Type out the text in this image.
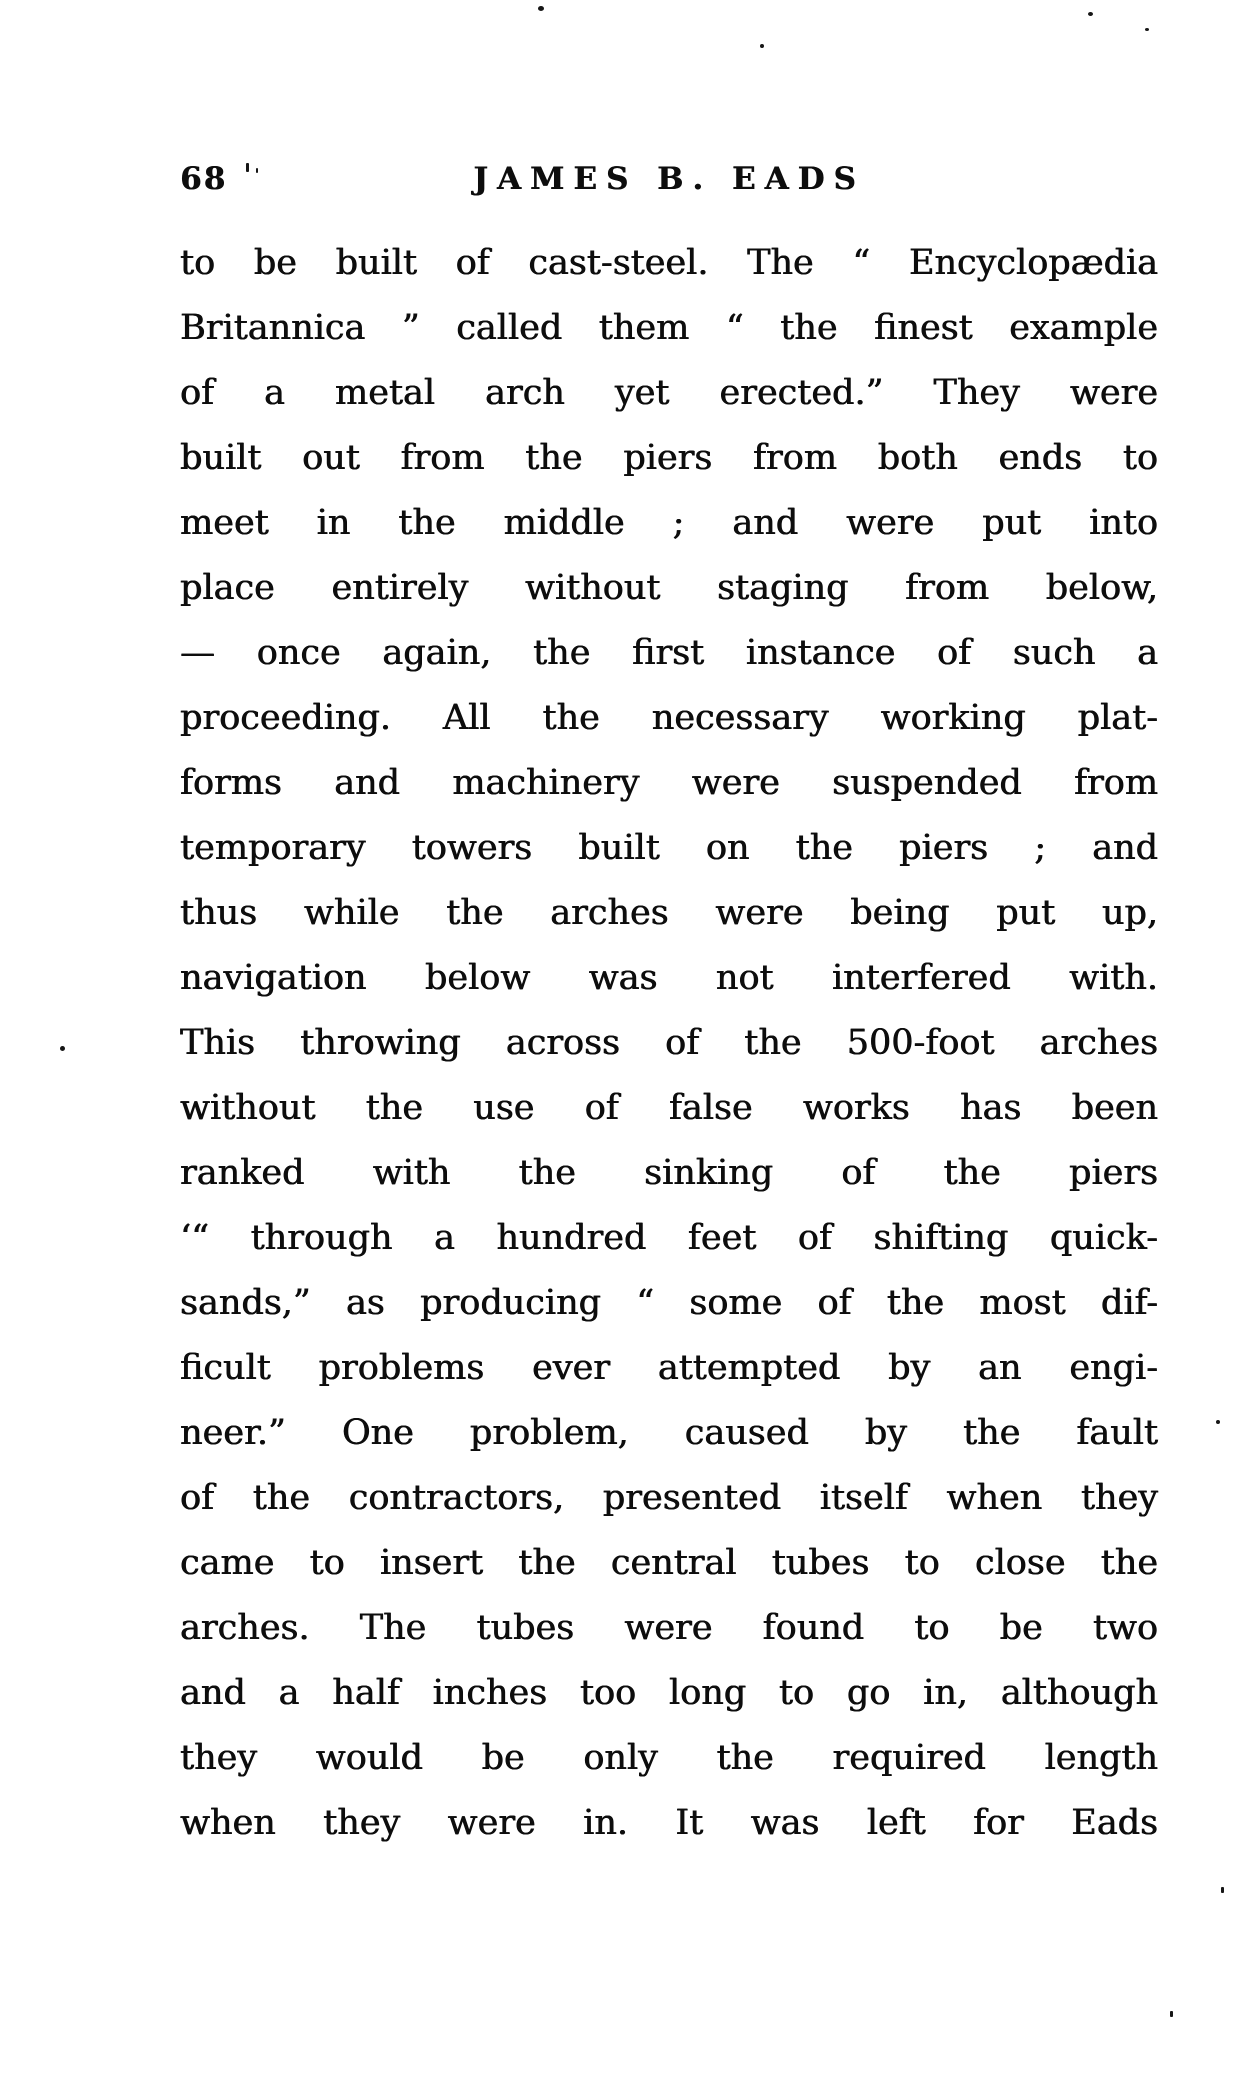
68	JAMES B. EADS
to be built of cast-steel. The “ Encyclopædia
Britannica ” called them “ the finest example
of a metal arch yet erected.” They were
built out from the piers from both ends to
meet in the middle ; and were put into
place entirely without staging from below,
— once again, the first instance of such a
proceeding. All the necessary working plat-
forms and machinery were suspended from
temporary towers built on the piers ; and
thus while the arches were being put up,
navigation below was not interfered with.
This throwing across of the 500-foot arches
without the use of false works has been
ranked with the sinking of the piers
‘“ through a hundred feet of shifting quick-
sands,” as producing “ some of the most dif-
ficult problems ever attempted by an engi-
neer.” One problem, caused by the fault
of the contractors, presented itself when they
came to insert the central tubes to close the
arches. The tubes were found to be two
and a half inches too long to go in, although
they would be only the required length
when they were in. It was left for Eads
